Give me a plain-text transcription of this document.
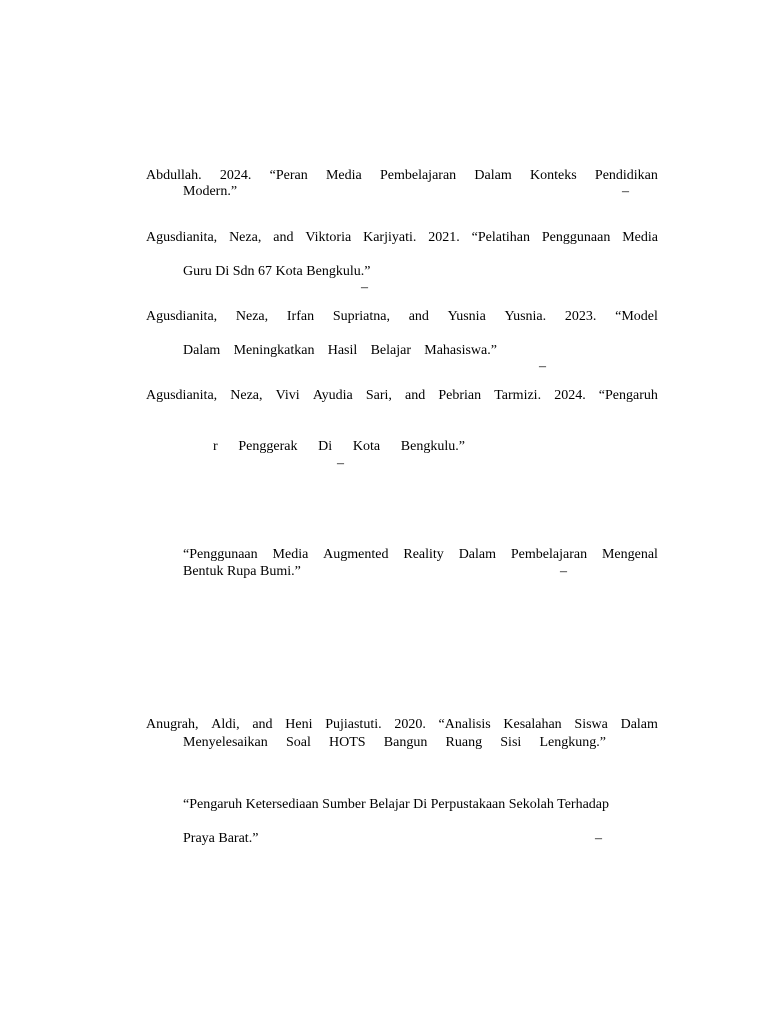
Abdullah. 2024. “Peran Media Pembelajaran Dalam Konteks Pendidikan
Modern.”	–
Agusdianita, Neza, and Viktoria Karjiyati. 2021. “Pelatihan Penggunaan Media
Guru Di Sdn 67 Kota Bengkulu.”
–
Agusdianita, Neza, Irfan Supriatna, and Yusnia Yusnia. 2023. “Model
Dalam Meningkatkan Hasil Belajar Mahasiswa.”
–
Agusdianita, Neza, Vivi Ayudia Sari, and Pebrian Tarmizi. 2024. “Pengaruh
r Penggerak Di Kota Bengkulu.”
–
“Penggunaan Media Augmented Reality Dalam Pembelajaran Mengenal
Bentuk Rupa Bumi.”	–
Anugrah, Aldi, and Heni Pujiastuti. 2020. “Analisis Kesalahan Siswa Dalam
Menyelesaikan Soal HOTS Bangun Ruang Sisi Lengkung.”
“Pengaruh Ketersediaan Sumber Belajar Di Perpustakaan Sekolah Terhadap
Praya Barat.”	–
